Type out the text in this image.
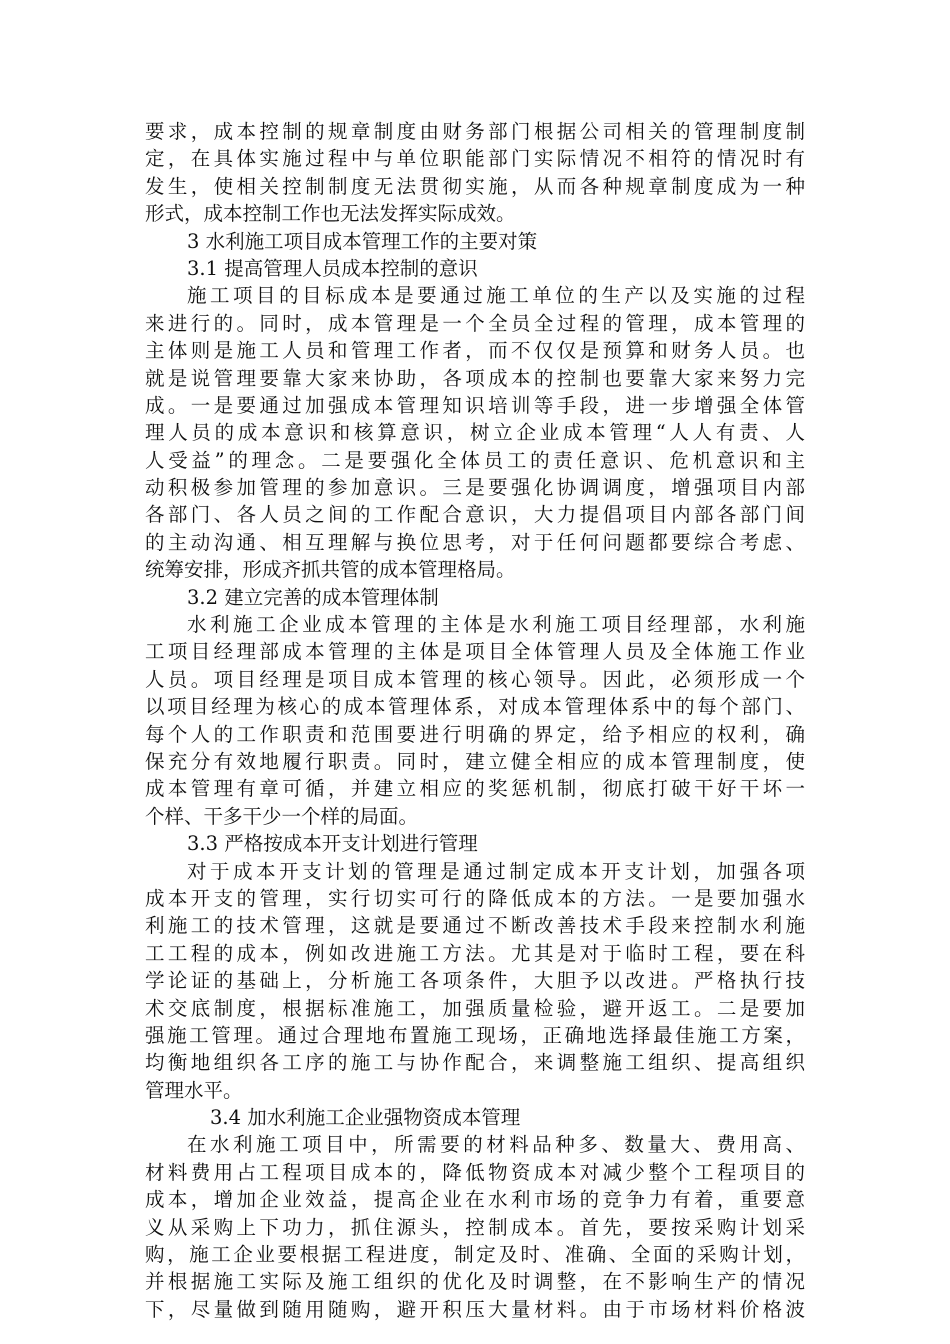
要求，成本控制的规章制度由财务部门根据公司相关的管理制度制
定，在具体实施过程中与单位职能部门实际情况不相符的情况时有
发生，使相关控制制度无法贯彻实施，从而各种规章制度成为一种
形式，成本控制工作也无法发挥实际成效。
3 水利施工项目成本管理工作的主要对策
3.1 提高管理人员成本控制的意识
施工项目的目标成本是要通过施工单位的生产以及实施的过程
来进行的。同时，成本管理是一个全员全过程的管理，成本管理的
主体则是施工人员和管理工作者，而不仅仅是预算和财务人员。也
就是说管理要靠大家来协助，各项成本的控制也要靠大家来努力完
成。一是要通过加强成本管理知识培训等手段，进一步增强全体管
理人员的成本意识和核算意识，树立企业成本管理“人人有责、人
人受益”的理念。二是要强化全体员工的责任意识、危机意识和主
动积极参加管理的参加意识。三是要强化协调调度，增强项目内部
各部门、各人员之间的工作配合意识，大力提倡项目内部各部门间
的主动沟通、相互理解与换位思考，对于任何问题都要综合考虑、
统筹安排，形成齐抓共管的成本管理格局。
3.2 建立完善的成本管理体制
水利施工企业成本管理的主体是水利施工项目经理部，水利施
工项目经理部成本管理的主体是项目全体管理人员及全体施工作业
人员。项目经理是项目成本管理的核心领导。因此，必须形成一个
以项目经理为核心的成本管理体系，对成本管理体系中的每个部门、
每个人的工作职责和范围要进行明确的界定，给予相应的权利，确
保充分有效地履行职责。同时，建立健全相应的成本管理制度，使
成本管理有章可循，并建立相应的奖惩机制，彻底打破干好干坏一
个样、干多干少一个样的局面。
3.3 严格按成本开支计划进行管理
对于成本开支计划的管理是通过制定成本开支计划，加强各项
成本开支的管理，实行切实可行的降低成本的方法。一是要加强水
利施工的技术管理，这就是要通过不断改善技术手段来控制水利施
工工程的成本，例如改进施工方法。尤其是对于临时工程，要在科
学论证的基础上，分析施工各项条件，大胆予以改进。严格执行技
术交底制度，根据标准施工，加强质量检验，避开返工。二是要加
强施工管理。通过合理地布置施工现场，正确地选择最佳施工方案，
均衡地组织各工序的施工与协作配合，来调整施工组织、提高组织
管理水平。
3.4 加水利施工企业强物资成本管理
在水利施工项目中，所需要的材料品种多、数量大、费用高、
材料费用占工程项目成本的，降低物资成本对减少整个工程项目的
成本，增加企业效益，提高企业在水利市场的竞争力有着，重要意
义从采购上下功力，抓住源头，控制成本。首先，要按采购计划采
购，施工企业要根据工程进度，制定及时、准确、全面的采购计划，
并根据施工实际及施工组织的优化及时调整，在不影响生产的情况
下，尽量做到随用随购，避开积压大量材料。由于市场材料价格波
